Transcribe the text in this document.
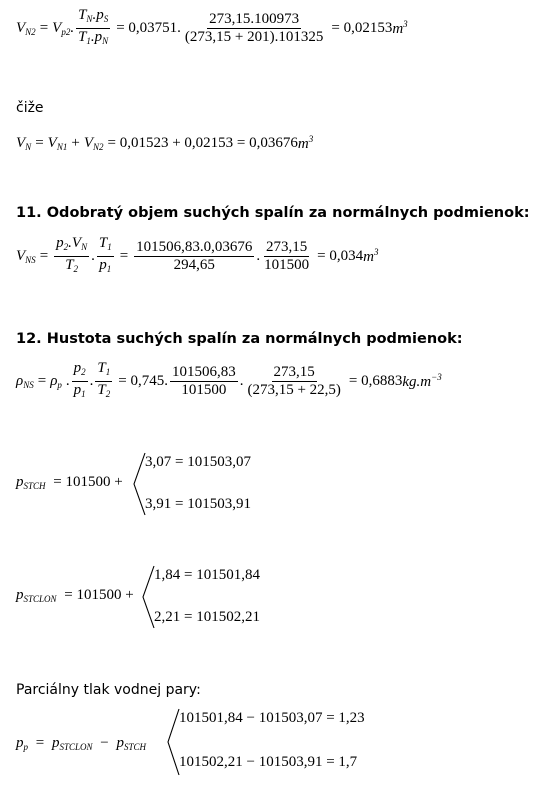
$V_{N2} = V_{p2}$. $\frac{T_N.p_S}{T_1.p_N} = 0,03751$. $\frac{273,15.100973}{(273,15 + 201).101325} = 0,02153$ $m^3$
čiže
$V_N = V_{N1} + V_{N2} = 0,01523 + 0,02153 = 0,03676$ $m^3$
11. Odobratý objem suchých spalín za normálnych podmienok:
$V_{NS} = \frac{p_2.V_N}{T_2}$ . $\frac{T_1}{p_1} = \frac{101506,83.0,03676}{294,65}$ . $\frac{273,15}{101500} = 0,034$ $m^3$
12. Hustota suchých spalín za normálnych podmienok:
$\rho_{NS} = \rho_p$ . $\frac{p_2}{p_1}$ . $\frac{T_1}{T_2} = 0,745$. $\frac{101506,83}{101500}$ . $\frac{273,15}{(273,15 + 22,5)} = 0,6883$ $kg.m^{-3}$
$p_{STCH} = 101500$ +
3,07 = 101503,07
3,91 = 101503,91
$p_{STCLON} = 101500$ +
1,84 = 101501,84
2,21 = 101502,21
Parciálny tlak vodnej pary:
$p_p = p_{STCLON} - p_{STCH}$
101501,84 − 101503,07 = 1,23
101502,21 − 101503,91 = 1,7
